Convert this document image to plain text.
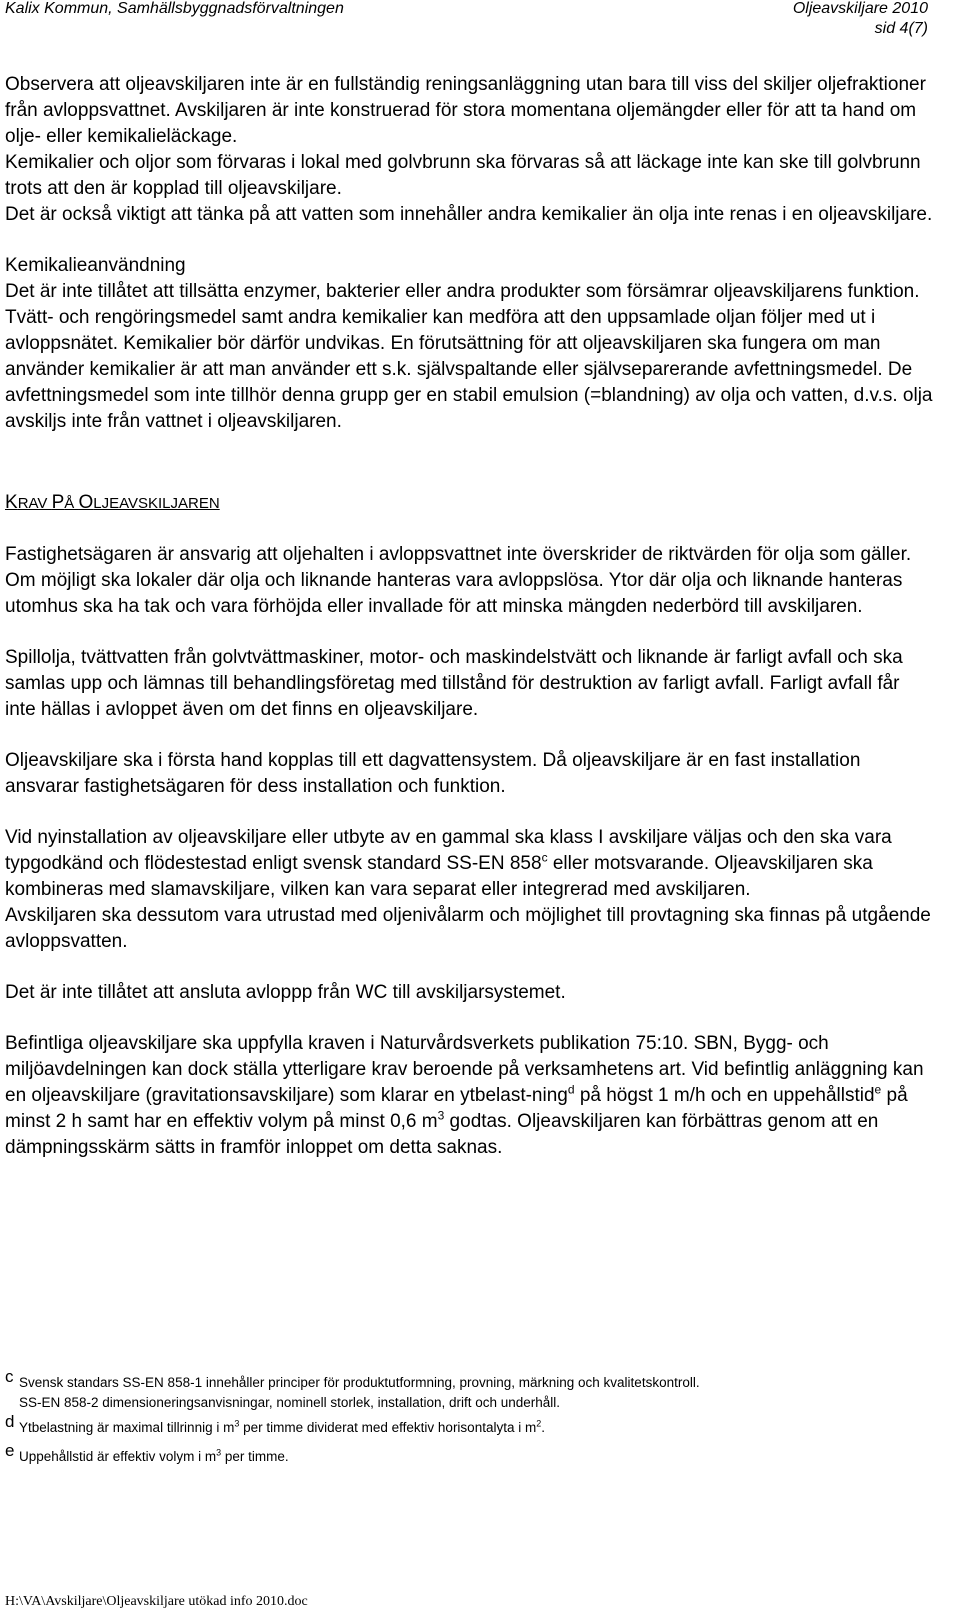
Kalix Kommun, Samhällsbyggnadsförvaltningen	Oljeavskiljare 2010
sid 4(7)

Observera att oljeavskiljaren inte är en fullständig reningsanläggning utan bara till viss del skiljer oljefraktioner från avloppsvattnet. Avskiljaren är inte konstruerad för stora momentana oljemängder eller för att ta hand om olje- eller kemikalieläckage.

Kemikalier och oljor som förvaras i lokal med golvbrunn ska förvaras så att läckage inte kan ske till golvbrunn trots att den är kopplad till oljeavskiljare.

Det är också viktigt att tänka på att vatten som innehåller andra kemikalier än olja inte renas i en oljeavskiljare.

Kemikalieanvändning

Det är inte tillåtet att tillsätta enzymer, bakterier eller andra produkter som försämrar oljeavskiljarens funktion.

Tvätt- och rengöringsmedel samt andra kemikalier kan medföra att den uppsamlade oljan följer med ut i avloppsnätet. Kemikalier bör därför undvikas. En förutsättning för att oljeavskiljaren ska fungera om man använder kemikalier är att man använder ett s.k. självspaltande eller självseparerande avfettningsmedel. De avfettningsmedel som inte tillhör denna grupp ger en stabil emulsion (=blandning) av olja och vatten, d.v.s. olja avskiljs inte från vattnet i oljeavskiljaren.

KRAV PÅ OLJEAVSKILJAREN

Fastighetsägaren är ansvarig att oljehalten i avloppsvattnet inte överskrider de riktvärden för olja som gäller. Om möjligt ska lokaler där olja och liknande hanteras vara avloppslösa. Ytor där olja och liknande hanteras utomhus ska ha tak och vara förhöjda eller invallade för att minska mängden nederbörd till avskiljaren.

Spillolja, tvättvatten från golvtvättmaskiner, motor- och maskindelstvätt och liknande är farligt avfall och ska samlas upp och lämnas till behandlingsföretag med tillstånd för destruktion av farligt avfall. Farligt avfall får inte hällas i avloppet även om det finns en oljeavskiljare.

Oljeavskiljare ska i första hand kopplas till ett dagvattensystem. Då oljeavskiljare är en fast installation ansvarar fastighetsägaren för dess installation och funktion.

Vid nyinstallation av oljeavskiljare eller utbyte av en gammal ska klass I avskiljare väljas och den ska vara typgodkänd och flödestestad enligt svensk standard SS-EN 858$^c$ eller motsvarande. Oljeavskiljaren ska kombineras med slamavskiljare, vilken kan vara separat eller integrerad med avskiljaren.

Avskiljaren ska dessutom vara utrustad med oljenivålarm och möjlighet till provtagning ska finnas på utgående avloppsvatten.

Det är inte tillåtet att ansluta avloppp från WC till avskiljarsystemet.

Befintliga oljeavskiljare ska uppfylla kraven i Naturvårdsverkets publikation 75:10. SBN, Bygg- och miljöavdelningen kan dock ställa ytterligare krav beroende på verksamhetens art. Vid befintlig anläggning kan en oljeavskiljare (gravitationsavskiljare) som klarar en ytbelast-ning$^d$ på högst 1 m/h och en uppehållstid$^e$ på minst 2 h samt har en effektiv volym på minst 0,6 $m^3$ godtas. Oljeavskiljaren kan förbättras genom att en dämpningsskärm sätts in framför inloppet om detta saknas.

c Svensk standars SS-EN 858-1 innehåller principer för produktutformning, provning, märkning och kvalitetskontroll.
SS-EN 858-2 dimensioneringsanvisningar, nominell storlek, installation, drift och underhåll.
d Ytbelastning är maximal tillrinnig i $m^3$ per timme dividerat med effektiv horisontalyta i $m^2$.
e Uppehållstid är effektiv volym i $m^3$ per timme.
H:\VA\Avskiljare\Oljeavskiljare utökad info 2010.doc
